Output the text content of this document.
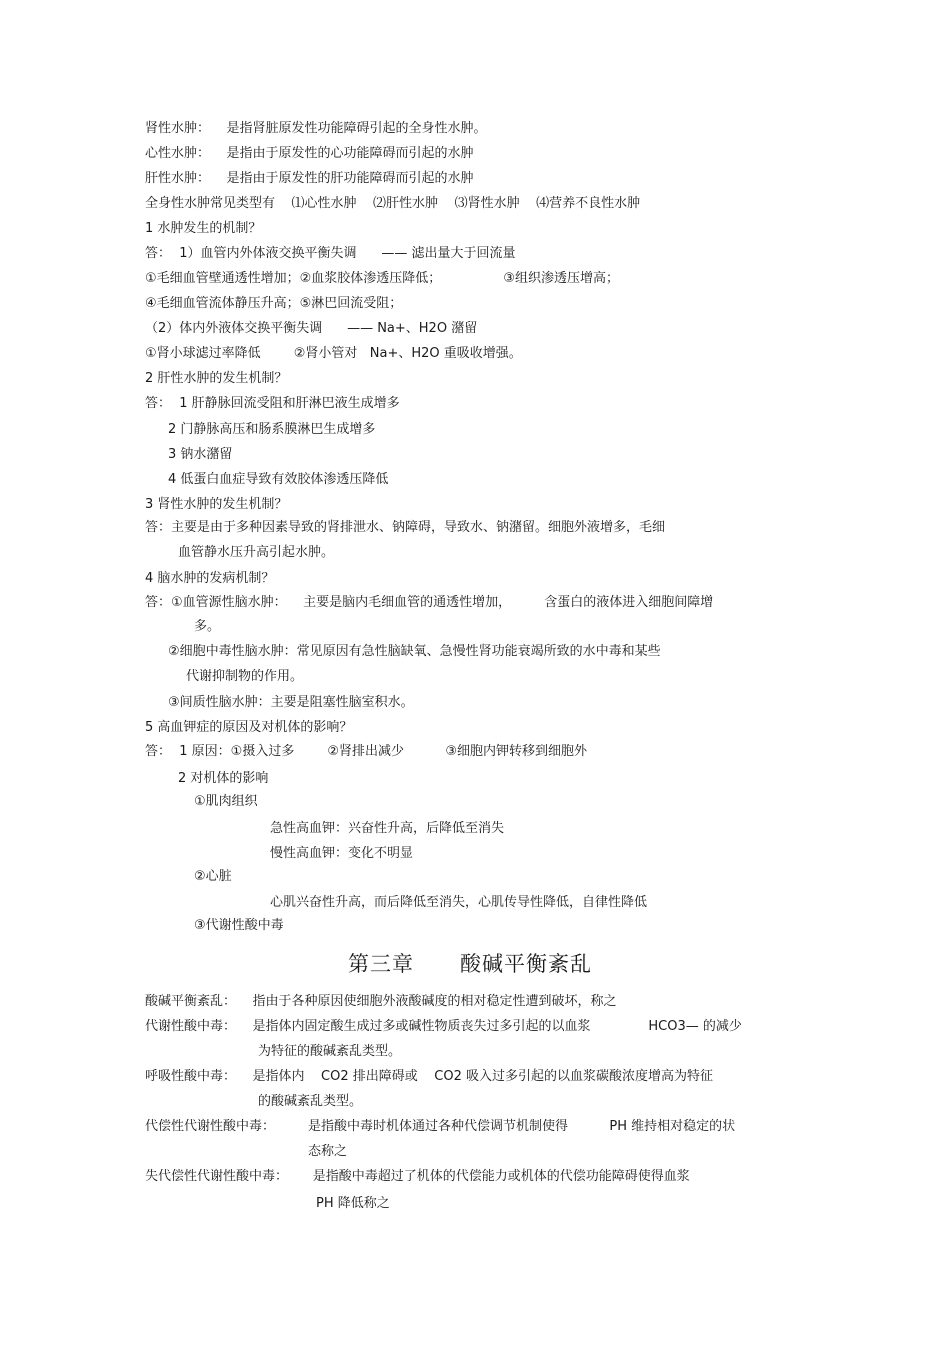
肾性水肿：    是指肾脏原发性功能障碍引起的全身性水肿。
心性水肿：    是指由于原发性的心功能障碍而引起的水肿
肝性水肿：    是指由于原发性的肝功能障碍而引起的水肿
全身性水肿常见类型有    ⑴心性水肿    ⑵肝性水肿    ⑶肾性水肿    ⑷营养不良性水肿
1 水肿发生的机制？
答：  1）血管内外体液交换平衡失调      —— 滤出量大于回流量
①毛细血管壁通透性增加；②血浆胶体渗透压降低；               ③组织渗透压增高；
④毛细血管流体静压升高；⑤淋巴回流受阻；
（2）体内外液体交换平衡失调      —— Na+、H2O 潴留
①肾小球滤过率降低        ②肾小管对   Na+、H2O 重吸收增强。
2 肝性水肿的发生机制？
答：  1 肝静脉回流受阻和肝淋巴液生成增多
2 门静脉高压和肠系膜淋巴生成增多
3 钠水潴留
4 低蛋白血症导致有效胶体渗透压降低
3 肾性水肿的发生机制？
答：主要是由于多种因素导致的肾排泄水、钠障碍，导致水、钠潴留。细胞外液增多，毛细
血管静水压升高引起水肿。
4 脑水肿的发病机制？
答：①血管源性脑水肿：    主要是脑内毛细血管的通透性增加，        含蛋白的液体进入细胞间障增
多。
②细胞中毒性脑水肿：常见原因有急性脑缺氧、急慢性肾功能衰竭所致的水中毒和某些
代谢抑制物的作用。
③间质性脑水肿：主要是阻塞性脑室积水。
5 高血钾症的原因及对机体的影响？
答：  1 原因：①摄入过多        ②肾排出减少          ③细胞内钾转移到细胞外
2 对机体的影响
①肌肉组织
急性高血钾：兴奋性升高，后降低至消失
慢性高血钾：变化不明显
②心脏
心肌兴奋性升高，而后降低至消失，心肌传导性降低，自律性降低
③代谢性酸中毒
第三章      酸碱平衡紊乱
酸碱平衡紊乱：    指由于各种原因使细胞外液酸碱度的相对稳定性遭到破坏，称之
代谢性酸中毒：    是指体内固定酸生成过多或碱性物质丧失过多引起的以血浆              HCO3— 的减少
为特征的酸碱紊乱类型。
呼吸性酸中毒：    是指体内    CO2 排出障碍或    CO2 吸入过多引起的以血浆碳酸浓度增高为特征
的酸碱紊乱类型。
代偿性代谢性酸中毒：        是指酸中毒时机体通过各种代偿调节机制使得          PH 维持相对稳定的状
态称之
失代偿性代谢性酸中毒：      是指酸中毒超过了机体的代偿能力或机体的代偿功能障碍使得血浆
PH 降低称之
